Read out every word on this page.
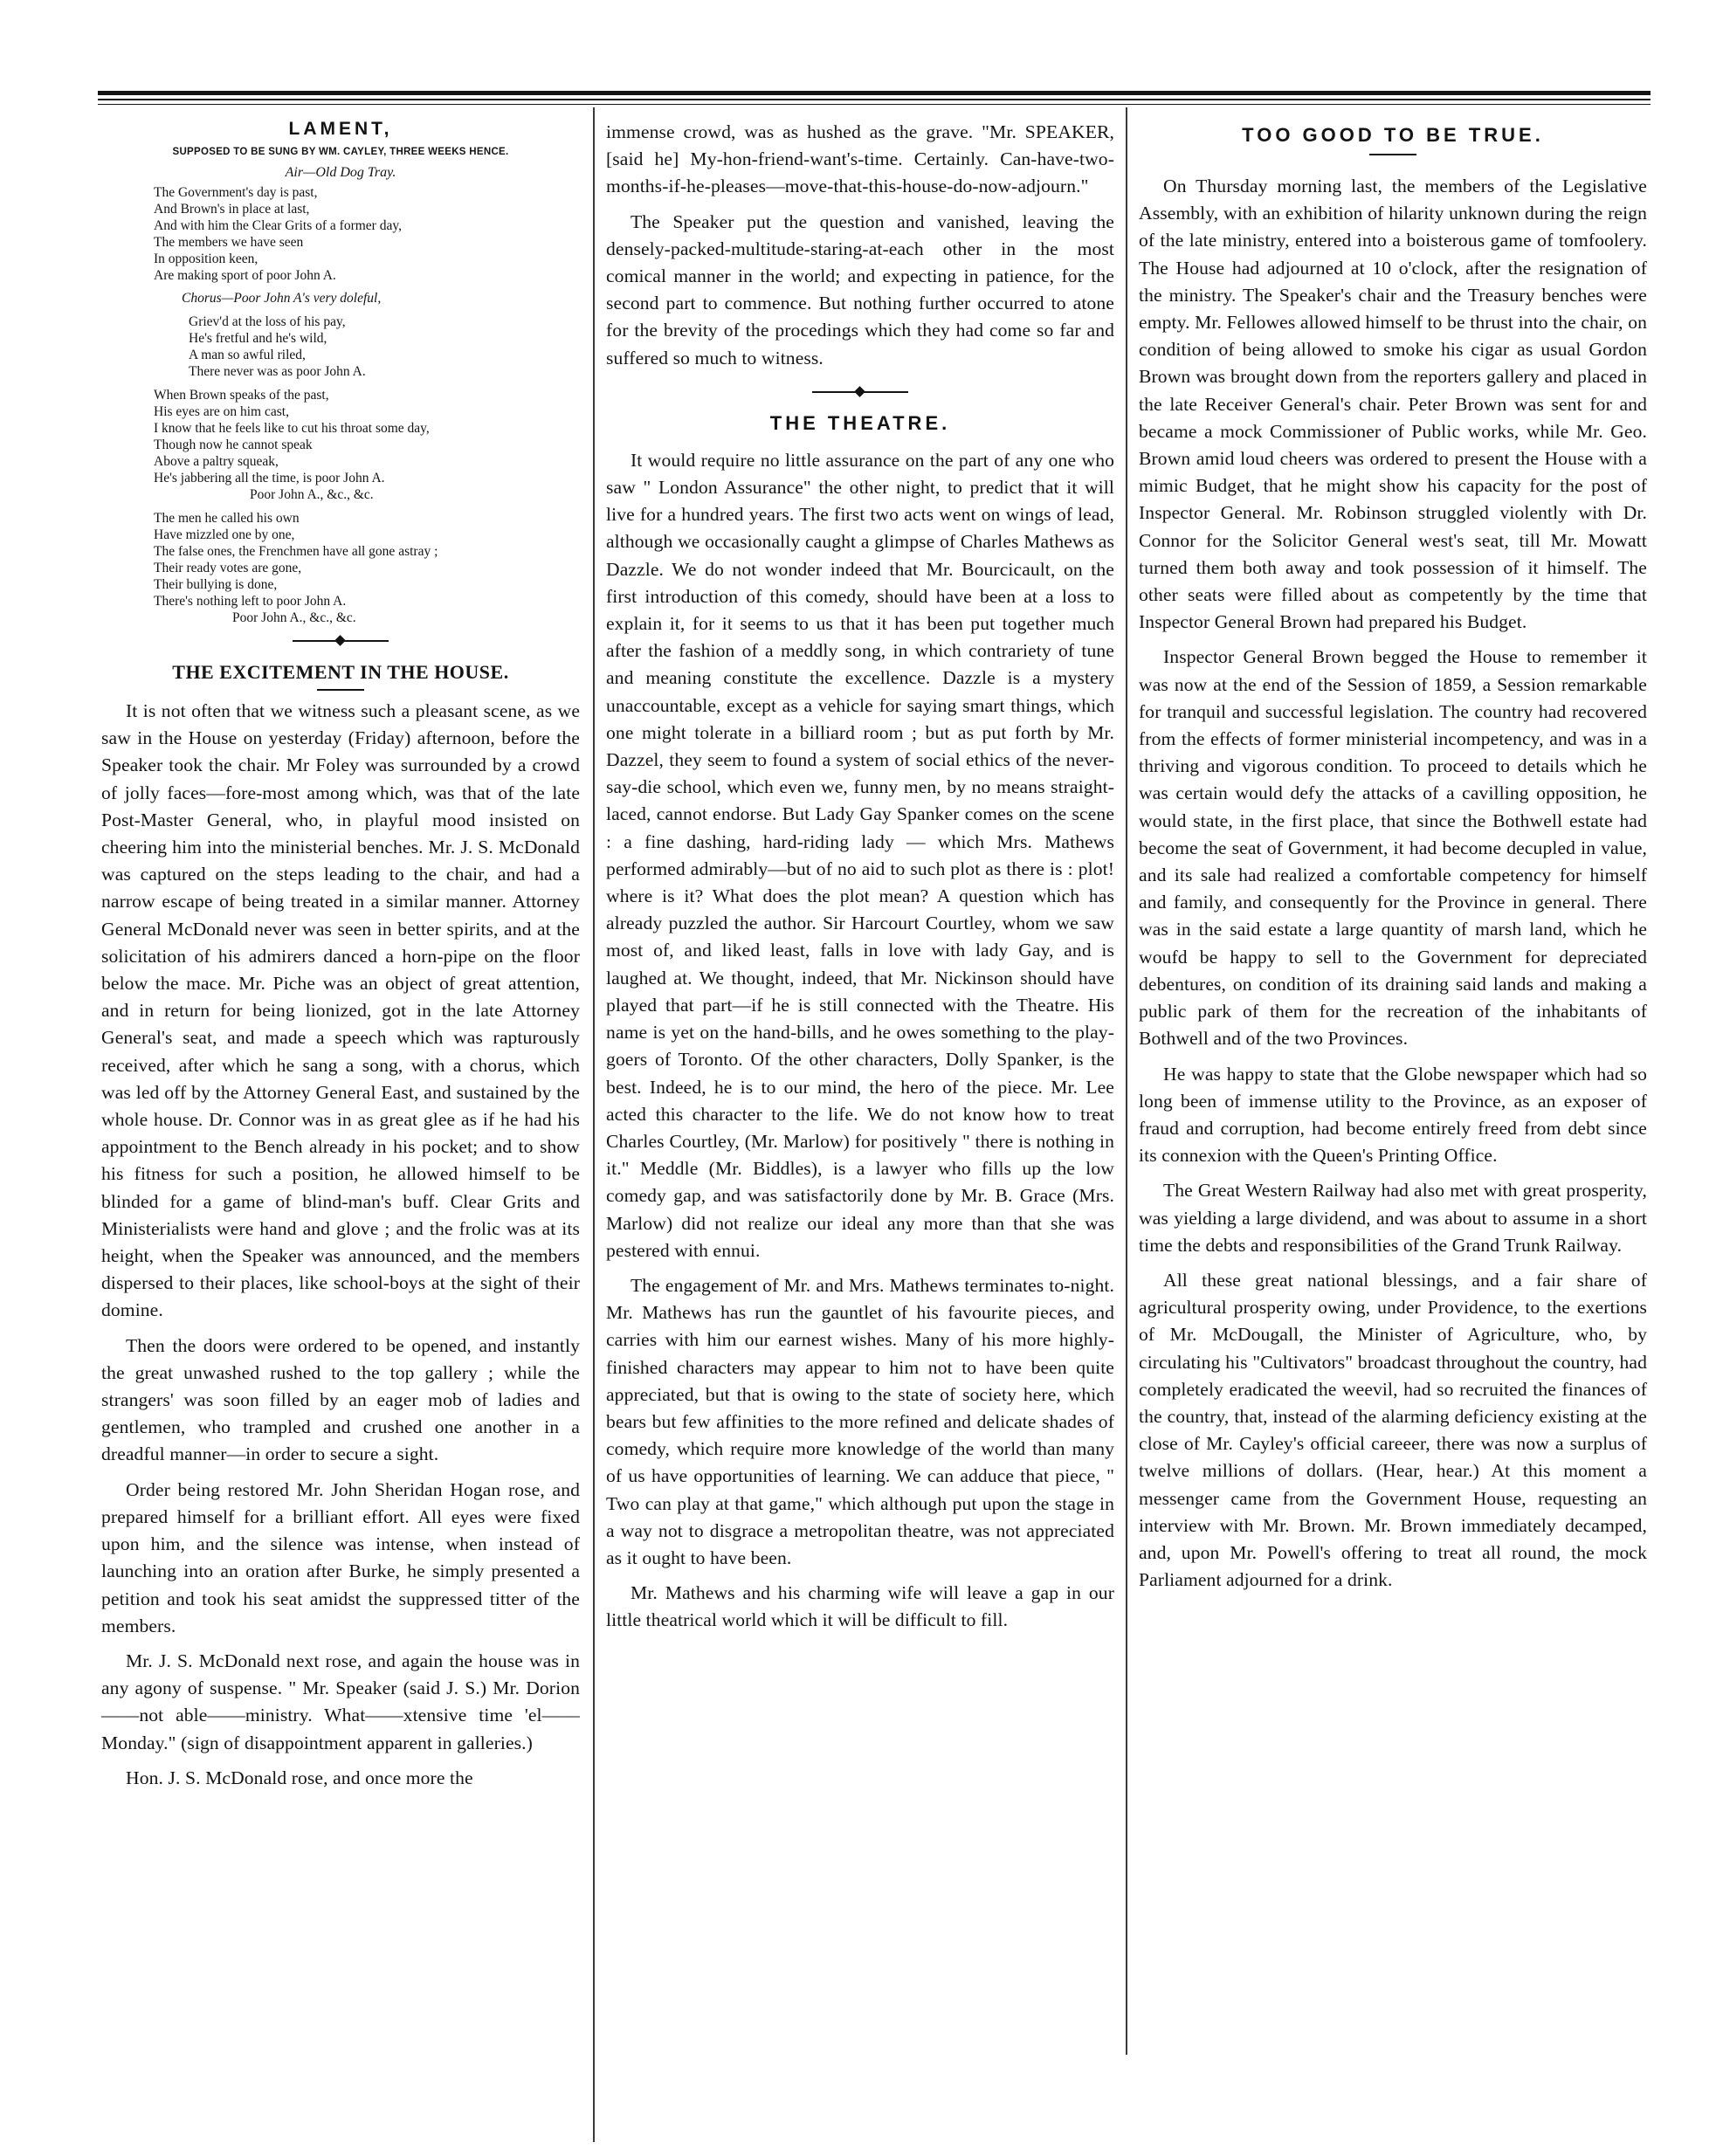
LAMENT,
SUPPOSED TO BE SUNG BY WM. CAYLEY, THREE WEEKS HENCE.
Air—Old Dog Tray.
The Government's day is past,
And Brown's in place at last,
And with him the Clear Grits of a former day,
The members we have seen
In opposition keen,
Are making sport of poor John A.
Chorus—Poor John A's very doleful,
Griev'd at the loss of his pay,
He's fretful and he's wild,
A man so awful riled,
There never was as poor John A.
When Brown speaks of the past,
His eyes are on him cast,
I know that he feels like to cut his throat some day,
Though now he cannot speak
Above a paltry squeak,
He's jabbering all the time, is poor John A.
Poor John A., &c., &c.
The men he called his own
Have mizzled one by one,
The false ones, the Frenchmen have all gone astray ;
Their ready votes are gone,
Their bullying is done,
There's nothing left to poor John A.
Poor John A., &c., &c.
THE EXCITEMENT IN THE HOUSE.

It is not often that we witness such a pleasant scene, as we saw in the House on yesterday (Friday) afternoon, before the Speaker took the chair. Mr Foley was surrounded by a crowd of jolly faces—fore-most among which, was that of the late Post-Master General, who, in playful mood insisted on cheering him into the ministerial benches. Mr. J. S. McDonald was captured on the steps leading to the chair, and had a narrow escape of being treated in a similar manner. Attorney General McDonald never was seen in better spirits, and at the solicitation of his admirers danced a horn-pipe on the floor below the mace. Mr. Piche was an object of great attention, and in return for being lionized, got in the late Attorney General's seat, and made a speech which was rapturously received, after which he sang a song, with a chorus, which was led off by the Attorney General East, and sustained by the whole house. Dr. Connor was in as great glee as if he had his appointment to the Bench already in his pocket; and to show his fitness for such a position, he allowed himself to be blinded for a game of blind-man's buff. Clear Grits and Ministerialists were hand and glove ; and the frolic was at its height, when the Speaker was announced, and the members dispersed to their places, like school-boys at the sight of their domine.

Then the doors were ordered to be opened, and instantly the great unwashed rushed to the top gallery ; while the strangers' was soon filled by an eager mob of ladies and gentlemen, who trampled and crushed one another in a dreadful manner—in order to secure a sight.

Order being restored Mr. John Sheridan Hogan rose, and prepared himself for a brilliant effort. All eyes were fixed upon him, and the silence was intense, when instead of launching into an oration after Burke, he simply presented a petition and took his seat amidst the suppressed titter of the members.

Mr. J. S. McDonald next rose, and again the house was in any agony of suspense. " Mr. Speaker (said J. S.) Mr. Dorion——not able——ministry. What——xtensive time 'el——Monday." (sign of disappointment apparent in galleries.)

Hon. J. S. McDonald rose, and once more the

immense crowd, was as hushed as the grave. "Mr. SPEAKER, [said he] My-hon-friend-want's-time. Certainly. Can-have-two-months-if-he-pleases—move-that-this-house-do-now-adjourn."

The Speaker put the question and vanished, leaving the densely-packed-multitude-staring-at-each other in the most comical manner in the world; and expecting in patience, for the second part to commence. But nothing further occurred to atone for the brevity of the procedings which they had come so far and suffered so much to witness.

THE THEATRE.

It would require no little assurance on the part of any one who saw " London Assurance" the other night, to predict that it will live for a hundred years. The first two acts went on wings of lead, although we occasionally caught a glimpse of Charles Mathews as Dazzle. We do not wonder indeed that Mr. Bourcicault, on the first introduction of this comedy, should have been at a loss to explain it, for it seems to us that it has been put together much after the fashion of a meddly song, in which contrariety of tune and meaning constitute the excellence. Dazzle is a mystery unaccountable, except as a vehicle for saying smart things, which one might tolerate in a billiard room ; but as put forth by Mr. Dazzel, they seem to found a system of social ethics of the never-say-die school, which even we, funny men, by no means straight-laced, cannot endorse. But Lady Gay Spanker comes on the scene : a fine dashing, hard-riding lady — which Mrs. Mathews performed admirably—but of no aid to such plot as there is : plot! where is it? What does the plot mean? A question which has already puzzled the author. Sir Harcourt Courtley, whom we saw most of, and liked least, falls in love with lady Gay, and is laughed at. We thought, indeed, that Mr. Nickinson should have played that part—if he is still connected with the Theatre. His name is yet on the hand-bills, and he owes something to the play-goers of Toronto. Of the other characters, Dolly Spanker, is the best. Indeed, he is to our mind, the hero of the piece. Mr. Lee acted this character to the life. We do not know how to treat Charles Courtley, (Mr. Marlow) for positively " there is nothing in it." Meddle (Mr. Biddles), is a lawyer who fills up the low comedy gap, and was satisfactorily done by Mr. B. Grace (Mrs. Marlow) did not realize our ideal any more than that she was pestered with ennui.

The engagement of Mr. and Mrs. Mathews terminates to-night. Mr. Mathews has run the gauntlet of his favourite pieces, and carries with him our earnest wishes. Many of his more highly-finished characters may appear to him not to have been quite appreciated, but that is owing to the state of society here, which bears but few affinities to the more refined and delicate shades of comedy, which require more knowledge of the world than many of us have opportunities of learning. We can adduce that piece, " Two can play at that game," which although put upon the stage in a way not to disgrace a metropolitan theatre, was not appreciated as it ought to have been.

Mr. Mathews and his charming wife will leave a gap in our little theatrical world which it will be difficult to fill.

TOO GOOD TO BE TRUE.

On Thursday morning last, the members of the Legislative Assembly, with an exhibition of hilarity unknown during the reign of the late ministry, entered into a boisterous game of tomfoolery. The House had adjourned at 10 o'clock, after the resignation of the ministry. The Speaker's chair and the Treasury benches were empty. Mr. Fellowes allowed himself to be thrust into the chair, on condition of being allowed to smoke his cigar as usual Gordon Brown was brought down from the reporters gallery and placed in the late Receiver General's chair. Peter Brown was sent for and became a mock Commissioner of Public works, while Mr. Geo. Brown amid loud cheers was ordered to present the House with a mimic Budget, that he might show his capacity for the post of Inspector General. Mr. Robinson struggled violently with Dr. Connor for the Solicitor General west's seat, till Mr. Mowatt turned them both away and took possession of it himself. The other seats were filled about as competently by the time that Inspector General Brown had prepared his Budget.

Inspector General Brown begged the House to remember it was now at the end of the Session of 1859, a Session remarkable for tranquil and successful legislation. The country had recovered from the effects of former ministerial incompetency, and was in a thriving and vigorous condition. To proceed to details which he was certain would defy the attacks of a cavilling opposition, he would state, in the first place, that since the Bothwell estate had become the seat of Government, it had become decupled in value, and its sale had realized a comfortable competency for himself and family, and consequently for the Province in general. There was in the said estate a large quantity of marsh land, which he woufd be happy to sell to the Government for depreciated debentures, on condition of its draining said lands and making a public park of them for the recreation of the inhabitants of Bothwell and of the two Provinces.

He was happy to state that the Globe newspaper which had so long been of immense utility to the Province, as an exposer of fraud and corruption, had become entirely freed from debt since its connexion with the Queen's Printing Office.

The Great Western Railway had also met with great prosperity, was yielding a large dividend, and was about to assume in a short time the debts and responsibilities of the Grand Trunk Railway.

All these great national blessings, and a fair share of agricultural prosperity owing, under Providence, to the exertions of Mr. McDougall, the Minister of Agriculture, who, by circulating his "Cultivators" broadcast throughout the country, had completely eradicated the weevil, had so recruited the finances of the country, that, instead of the alarming deficiency existing at the close of Mr. Cayley's official careeer, there was now a surplus of twelve millions of dollars. (Hear, hear.) At this moment a messenger came from the Government House, requesting an interview with Mr. Brown. Mr. Brown immediately decamped, and, upon Mr. Powell's offering to treat all round, the mock Parliament adjourned for a drink.
